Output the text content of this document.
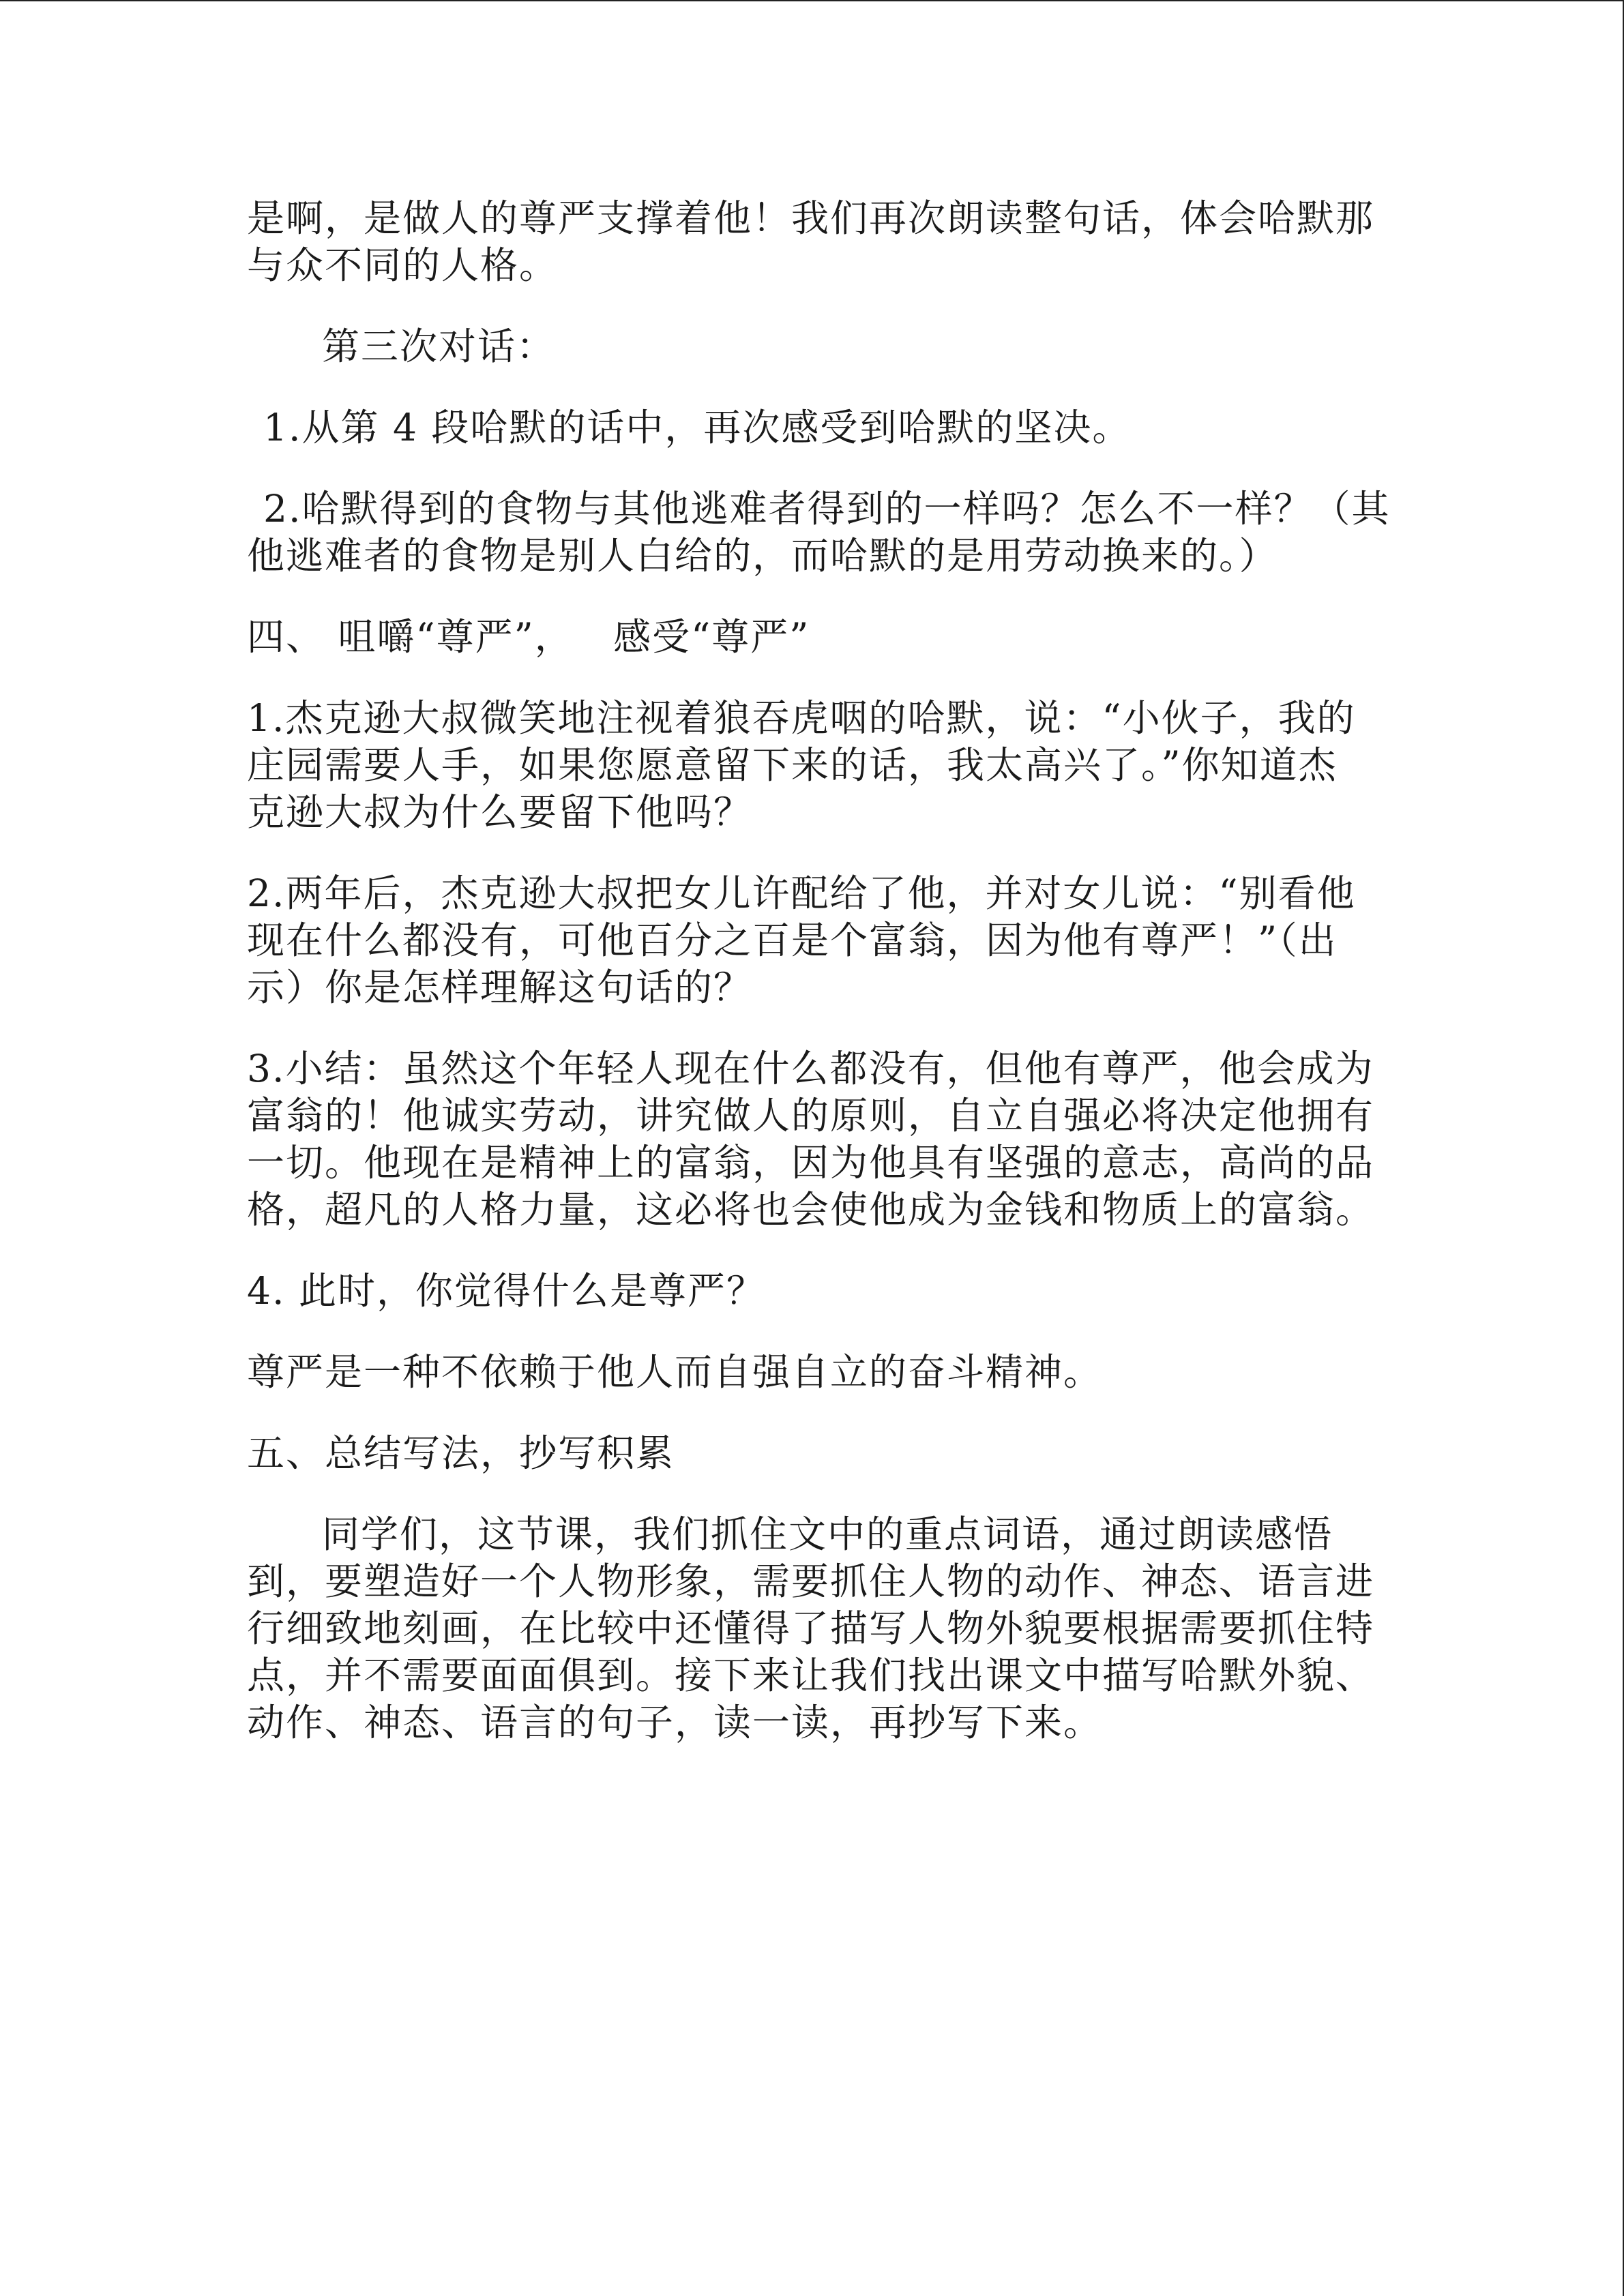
是啊，是做人的尊严支撑着他！我们再次朗读整句话，体会哈默那
与众不同的人格。
第三次对话：
1.从第 4 段哈默的话中，再次感受到哈默的坚决。
2.哈默得到的食物与其他逃难者得到的一样吗？怎么不一样？（其
他逃难者的食物是别人白给的，而哈默的是用劳动换来的。）
四、 咀嚼“尊严”，   感受“尊严”
1.杰克逊大叔微笑地注视着狼吞虎咽的哈默，说：“小伙子，我的
庄园需要人手，如果您愿意留下来的话，我太高兴了。”你知道杰
克逊大叔为什么要留下他吗？
2.两年后，杰克逊大叔把女儿许配给了他，并对女儿说：“别看他
现在什么都没有，可他百分之百是个富翁，因为他有尊严！”（出
示）你是怎样理解这句话的？
3.小结：虽然这个年轻人现在什么都没有，但他有尊严，他会成为
富翁的！他诚实劳动，讲究做人的原则，自立自强必将决定他拥有
一切。他现在是精神上的富翁，因为他具有坚强的意志，高尚的品
格，超凡的人格力量，这必将也会使他成为金钱和物质上的富翁。
4. 此时，你觉得什么是尊严？
尊严是一种不依赖于他人而自强自立的奋斗精神。
五、总结写法，抄写积累
同学们，这节课，我们抓住文中的重点词语，通过朗读感悟
到，要塑造好一个人物形象，需要抓住人物的动作、神态、语言进
行细致地刻画，在比较中还懂得了描写人物外貌要根据需要抓住特
点，并不需要面面俱到。接下来让我们找出课文中描写哈默外貌、
动作、神态、语言的句子，读一读，再抄写下来。
